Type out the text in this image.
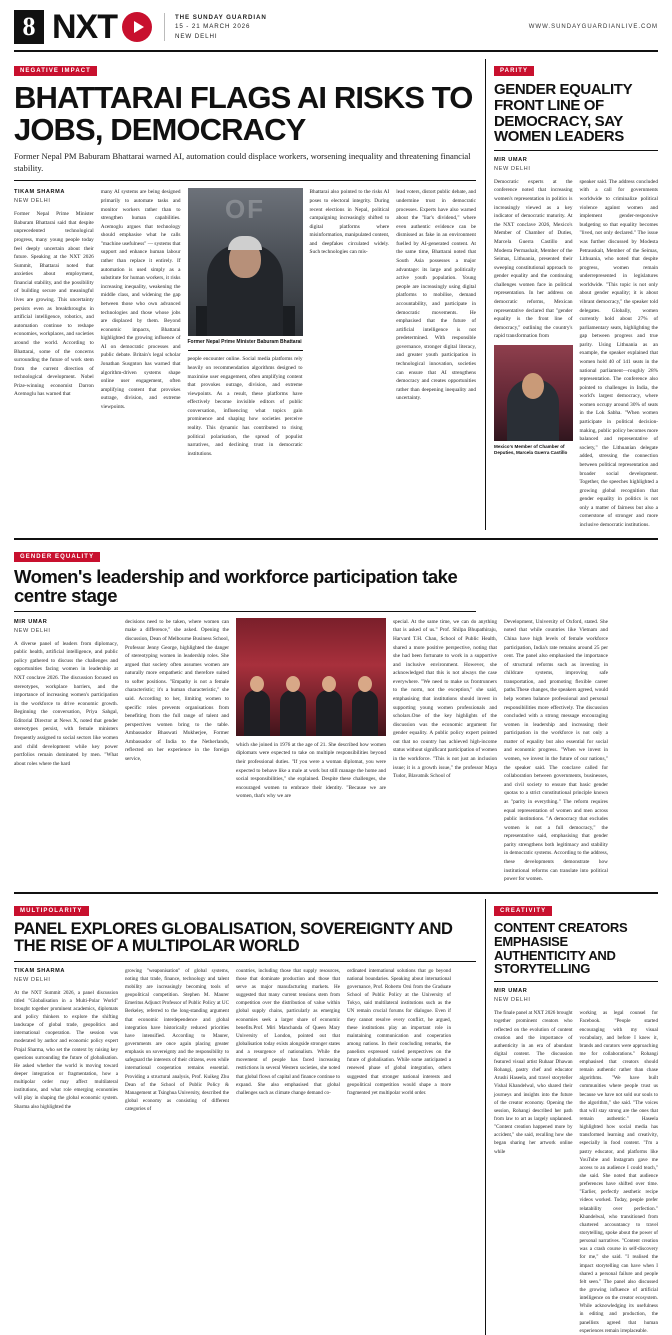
8 NXT	THE SUNDAY GUARDIAN
15 - 21 MARCH 2026
NEW DELHI
WWW.SUNDAYGUARDIANLIVE.COM
NEGATIVE IMPACT
BHATTARAI FLAGS AI RISKS TO JOBS, DEMOCRACY
Former Nepal PM Baburam Bhattarai warned AI, automation could displace workers, worsening inequality and threatening financial stability.
TIKAM SHARMA
NEW DELHI
Former Nepal Prime Minister Baburam Bhattarai said that despite unprecedented technological progress, many young people today feel deeply uncertain about their future. Speaking at the NXT 2026 Summit, Bhattarai noted that anxieties about employment, financial stability, and the possibility of building secure and meaningful lives are growing. This uncertainty persists even as breakthroughs in artificial intelligence, robotics, and automation continue to reshape economies, workplaces, and societies around the world. According to Bhattarai, some of the concerns surrounding the future of work stem from the current direction of technological development. Nobel Prize-winning economist Darron Acemoglu has warned that
many AI systems are being designed primarily to automate tasks and monitor workers rather than to strengthen human capabilities. Acemoglu argues that technology should emphasise what he calls "machine usefulness" — systems that support and enhance human labour rather than replace it entirely. If automation is used simply as a substitute for human workers, it risks increasing inequality, weakening the middle class, and widening the gap between those who own advanced technologies and those whose jobs are displaced by them. Beyond economic impacts, Bhattarai highlighted the growing influence of AI on democratic processes and public debate. Britain's legal scholar Jonathan Susgnton has warned that algorithm-driven systems shape online user engagement, often amplifying content that provokes outrage, division, and extreme viewpoints.
OF
Former Nepal Prime Minister Baburam Bhattarai
people encounter online. Social media platforms rely heavily on recommendation algorithms designed to maximise user engagement, often amplifying content that provokes outrage, division, and extreme viewpoints. As a result, these platforms have effectively become invisible editors of public conversation, influencing what topics gain prominence and shaping how societies perceive reality. This dynamic has contributed to rising political polarisation, the spread of populist narratives, and declining trust in democratic institutions.
Bhattarai also pointed to the risks AI poses to electoral integrity. During recent elections in Nepal, political campaigning increasingly shifted to digital platforms where misinformation, manipulated content, and deepfakes circulated widely. Such technologies can mis-
lead voters, distort public debate, and undermine trust in democratic processes. Experts have also warned about the "liar's dividend," where even authentic evidence can be dismissed as fake in an environment fuelled by AI-generated content. At the same time, Bhattarai noted that South Asia possesses a major advantage: its large and politically active youth population. Young people are increasingly using digital platforms to mobilise, demand accountability, and participate in democratic movements. He emphasised that the future of artificial intelligence is not predetermined. With responsible governance, stronger digital literacy, and greater youth participation in technological innovation, societies can ensure that AI strengthens democracy and creates opportunities rather than deepening inequality and uncertainty.
PARITY
GENDER EQUALITY FRONT LINE OF DEMOCRACY, SAY WOMEN LEADERS
MIR UMAR
NEW DELHI
Democratic experts at the conference noted that increasing women's representation in politics is increasingly viewed as a key indicator of democratic maturity. At the NXT conclave 2026, Mexico's Member of Chamber of Duties, Marcela Guerra Castillo and Modesta Permashait, Member of the Seimas, Lithuania, presented their sweeping constitutional approach to gender equality and the continuing challenges women face in political representation. In her address on democratic reforms, Mexican representative declared that "gender equality is the front line of democracy," outlining the country's rapid transformation from
Mexico's Member of Chamber of Deputies, Marcela Guerra Castillo
speaker said. The address concluded with a call for governments worldwide to criminalize political violence against women and implement gender-responsive budgeting so that equality becomes "lived, not only declared." The issue was further discussed by Modesta Petrauskait, Member of the Seimas, Lithuania, who noted that despite progress, women remain underrepresented in legislatures worldwide. "This topic is not only about gender equality; it is about vibrant democracy," the speaker told delegates. Globally, women currently hold about 27% of parliamentary seats, highlighting the gap between progress and true parity. Using Lithuania as an example, the speaker explained that women hold 40 of 141 seats in the national parliament—roughly 28% representation. The conference also pointed to challenges in India, the world's largest democracy, where women occupy around 30% of seats in the Lok Sabha. "When women participate in political decision-making, public policy becomes more balanced and representative of society," the Lithuanian delegate added, stressing the connection between political representation and broader social development. Together, the speeches highlighted a growing global recognition that gender equality in politics is not only a matter of fairness but also a cornerstone of stronger and more inclusive democratic institutions.
GENDER EQUALITY
Women's leadership and workforce participation take centre stage
MIR UMAR
NEW DELHI
A diverse panel of leaders from diplomacy, public health, artificial intelligence, and public policy gathered to discuss the challenges and opportunities facing women in leadership at NXT conclave 2026. The discussion focused on stereotypes, workplace barriers, and the importance of increasing women's participation in the workforce to drive economic growth. Beginning the conversation, Priya Sahgal, Editorial Director at News X, noted that gender stereotypes persist, with female ministers frequently assigned to social sectors like women and child development while key power portfolios remain dominated by men. "What about roles where the hard
decisions need to be taken, where women can make a difference," she asked. Opening the discussion, Dean of Melbourne Business School, Professor Jenny George, highlighted the danger of stereotyping women in leadership roles. She argued that society often assumes women are naturally more empathetic and therefore suited to softer positions. "Empathy is not a female characteristic; it's a human characteristic," she said. According to her, limiting women to specific roles prevents organisations from benefiting from the full range of talent and perspectives women bring to the table. Ambassador Bhaswati Mukherjee, Former Ambassador of India to the Netherlands, reflected on her experience in the foreign service,
which she joined in 1976 at the age of 21. She described how women diplomats were expected to take on multiple responsibilities beyond their professional duties. "If you were a woman diplomat, you were expected to behave like a male at work but still manage the home and social responsibilities," she explained. Despite these challenges, she encouraged women to embrace their identity. "Because we are women, that's why we are
special. At the same time, we can do anything that is asked of us." Prof. Shilpa Bhupathiraju, Harvard T.H. Chan, School of Public Health, shared a more positive perspective, noting that she had been fortunate to work in a supportive and inclusive environment. However, she acknowledged that this is not always the case everywhere. "We need to make us frontrunners to the norm, not the exception," she said, emphasising that institutions should invest in supporting young women professionals and scholars.One of the key highlights of the discussion was the economic argument for gender equality. A public policy expert pointed out that no country has achieved high-income status without significant participation of women in the workforce. "This is not just an inclusion issue; it is a growth issue," the professor Maya Tudor, Blavatnik School of
Development, University of Oxford, stated. She noted that while countries like Vietnam and China have high levels of female workforce participation, India's rate remains around 25 per cent. The panel also emphasised the importance of structural reforms such as investing in childcare systems, improving safe transportation, and promoting flexible career paths.These changes, the speakers agreed, would help women balance professional and personal responsibilities more effectively. The discussion concluded with a strong message encouraging women in leadership and increasing their participation in the workforce is not only a matter of equality but also essential for social and economic progress. "When we invest in women, we invest in the future of our nations," the speaker said. The conclave called for collaboration between governments, businesses, and civil society to ensure that basic gender quotas to a strict constitutional principle known as "parity in everything." The reform requires equal representation of women and men across public institutions. "A democracy that excludes women is not a full democracy," the representative said, emphasising that gender parity strengthens both legitimacy and stability in democratic systems. According to the address, these developments demonstrate how institutional reforms can translate into political power for women.
MULTIPOLARITY
PANEL EXPLORES GLOBALISATION, SOVEREIGNTY AND THE RISE OF A MULTIPOLAR WORLD
TIKAM SHARMA
NEW DELHI
At the NXT Summit 2026, a panel discussion titled "Globalisation in a Multi-Polar World" brought together prominent academics, diplomats and policy thinkers to explore the shifting landscape of global trade, geopolitics and international cooperation. The session was moderated by author and economic policy expert Prajal Sharma, who set the context by raising key questions surrounding the future of globalisation. He asked whether the world is moving toward deeper integration or fragmentation, how a multipolar order may affect multilateral institutions, and what role emerging economies will play in shaping the global economic system. Sharma also highlighted the
growing "weaponisation" of global systems, noting that trade, finance, technology and talent mobility are increasingly becoming tools of geopolitical competition. Stephen M. Maurer Emeritus Adjunct Professor of Public Policy at UC Berkeley, referred to the long-standing argument that economic interdependence and global integration have historically reduced priorities have intensified. According to Maurer, governments are once again placing greater emphasis on sovereignty and the responsibility to safeguard the interests of their citizens, even while international cooperation remains essential. Providing a structural analysis, Prof. Kuikeg Zhu Dean of the School of Public Policy & Management at Tsinghua University, described the global economy as consisting of different categories of
countries, including those that supply resources, those that dominate production and those that serve as major manufacturing markets. He suggested that many current tensions stem from competition over the distribution of value within global supply chains, particularly as emerging economies seek a larger share of economic benefits.Prof. Miri Manchanda of Queen Mary University of London, pointed out that globalisation today exists alongside stronger states and a resurgence of nationalism. While the movement of people has faced increasing restrictions in several Western societies, she noted that global flows of capital and finance continue to expand. She also emphasised that global challenges such as climate change demand co-
ordinated international solutions that go beyond national boundaries. Speaking about international governance, Prof. Roberto Orsi from the Graduate School of Public Policy at the University of Tokyo, said multilateral institutions such as the UN remain crucial forums for dialogue. Even if they cannot resolve every conflict, he argued, these institutions play an important role in maintaining communication and cooperation among nations. In their concluding remarks, the panelists expressed varied perspectives on the future of globalisation. While some anticipated a renewed phase of global integration, others suggested that stronger national interests and geopolitical competition would shape a more fragmented yet multipolar world order.
CREATIVITY
CONTENT CREATORS EMPHASISE AUTHENTICITY AND STORYTELLING
MIR UMAR
NEW DELHI
The finale panel at NXT 2026 brought together prominent creators who reflected on the evolution of content creation and the importance of authenticity in an era of abundant digital content. The discussion featured visual artist Ruhaar Dhawan Rohangi, pastry chef and educator Arushi Haseela, and travel storyteller Vishal Khandelwal, who shared their journeys and insights into the future of the creator economy. Opening the session, Rohangi described her path from law to art as largely unplanned. "Content creation happened more by accident," she said, recalling how she began sharing her artwork online while
working as legal counsel for Facebook. "People started encouraging with my visual vocabulary, and before I knew it, brands and curators were approaching me for collaborations." Rohangi emphasised that creators should remain authentic rather than chase algorithms. "We have built communities where people trust us because we have not sold our souls to the algorithm," she said. "The voices that will stay strong are the ones that remain authentic." Haseela highlighted how social media has transformed learning and creativity, especially in food content. "I'm a pastry educator, and platforms like YouTube and Instagram gave me access to an audience I could teach," she said. She noted that audience preferences have shifted over time. "Earlier, perfectly aesthetic recipe videos worked. Today, people prefer relatability over perfection." Khandelwal, who transitioned from chartered accountancy to travel storytelling, spoke about the power of personal narratives. "Content creation was a crash course in self-discovery for me," she said. "I realised the impact storytelling can have when I shared a personal failure and people felt seen." The panel also discussed the growing influence of artificial intelligence on the creator ecosystem. While acknowledging its usefulness in editing and production, the panellists agreed that human experiences remain irreplaceable.
